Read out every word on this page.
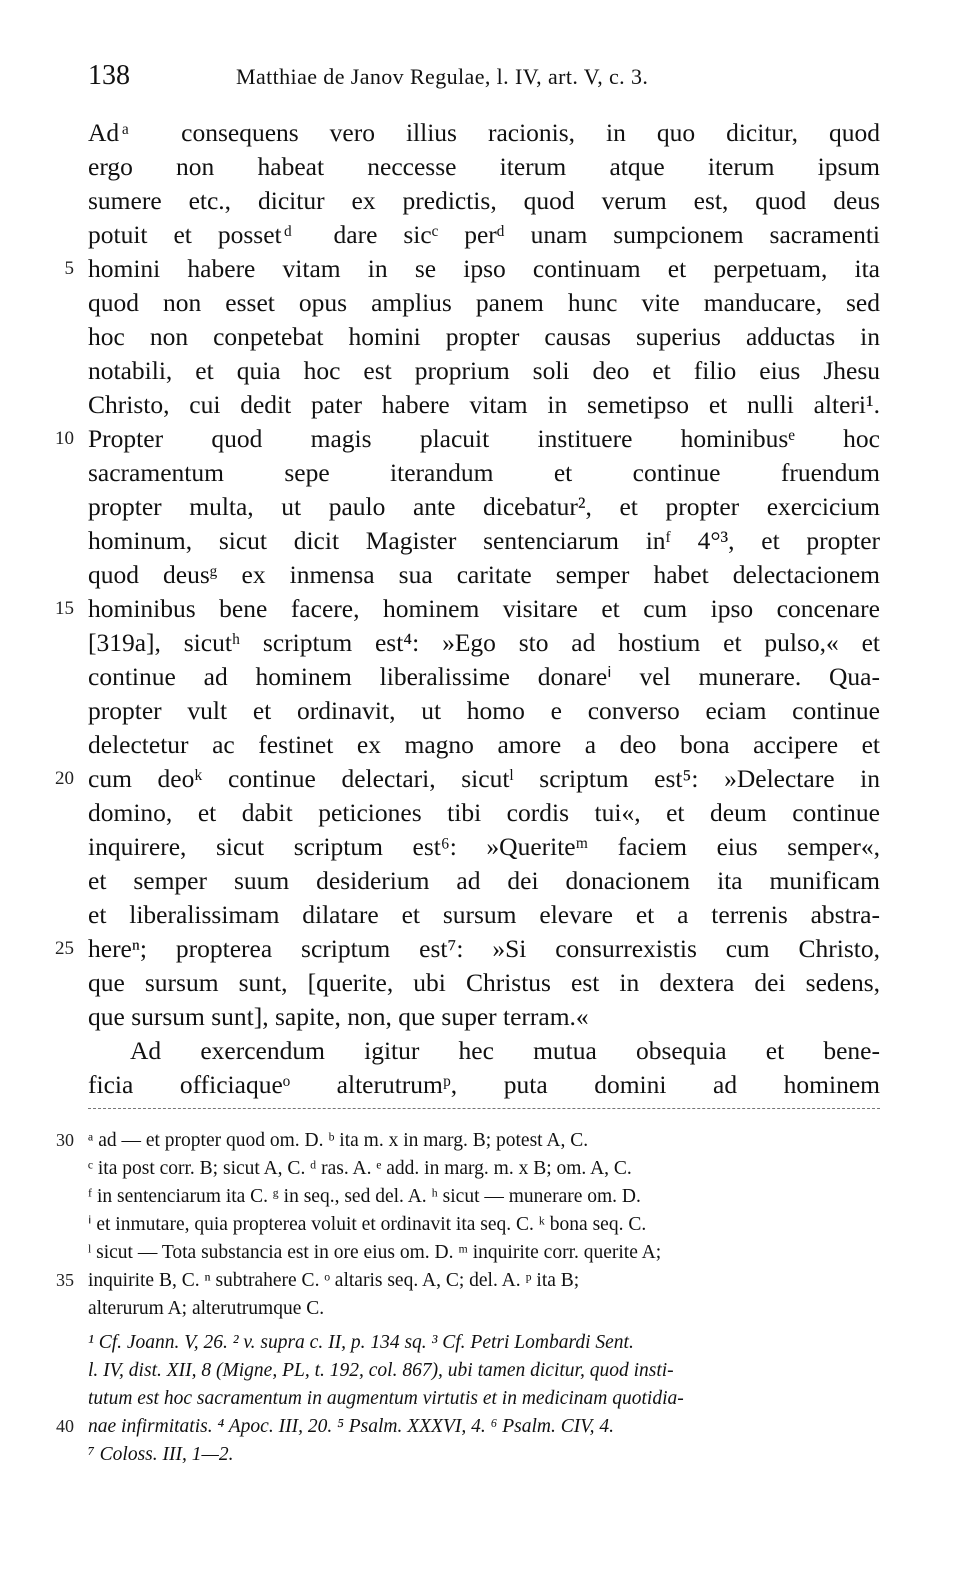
138	Matthiae de Janov Regulae, l. IV, art. V, c. 3.
Ad ͣ consequens vero illius racionis, in quo dicitur, quod
ergo non habeat neccesse iterum atque iterum ipsum
sumere etc., dicitur ex predictis, quod verum est, quod deus
potuit et posset ͩ dare sicᶜ perᵈ unam sumpcionem sacramenti
homini habere vitam in se ipso continuam et perpetuam, ita
quod non esset opus amplius panem hunc vite manducare, sed
hoc non conpetebat homini propter causas superius adductas in
notabili, et quia hoc est proprium soli deo et filio eius Jhesu
Christo, cui dedit pater habere vitam in semetipso et nulli alteri¹.
Propter quod magis placuit instituere hominibusᵉ hoc
sacramentum sepe iterandum et continue fruendum
propter multa, ut paulo ante dicebatur², et propter exercicium
hominum, sicut dicit Magister sentenciarum inᶠ 4°³, et propter
quod deusᵍ ex inmensa sua caritate semper habet delectacionem
hominibus bene facere, hominem visitare et cum ipso concenare
[319a], sicutʰ scriptum est⁴: »Ego sto ad hostium et pulso,« et
continue ad hominem liberalissime donareⁱ vel munerare. Qua-
propter vult et ordinavit, ut homo e converso eciam continue
delectetur ac festinet ex magno amore a deo bona accipere et
cum deoᵏ continue delectari, sicutˡ scriptum est⁵: »Delectare in
domino, et dabit peticiones tibi cordis tui«, et deum continue
inquirere, sicut scriptum est⁶: »Queriteᵐ faciem eius semper«,
et semper suum desiderium ad dei donacionem ita munificam
et liberalissimam dilatare et sursum elevare et a terrenis abstra-
hereⁿ; propterea scriptum est⁷: »Si consurrexistis cum Christo,
que sursum sunt, [querite, ubi Christus est in dextera dei sedens,
que sursum sunt], sapite, non, que super terram.«
Ad exercendum igitur hec mutua obsequia et bene-
ficia officiaqueᵒ alterutrumᵖ, puta domini ad hominem
5
10
15
20
25
ᵃ ad — et propter quod om. D. ᵇ ita m. x in marg. B; potest A, C.
ᶜ ita post corr. B; sicut A, C. ᵈ ras. A. ᵉ add. in marg. m. x B; om. A, C.
ᶠ in sentenciarum ita C. ᵍ in seq., sed del. A. ʰ sicut — munerare om. D.
ⁱ et inmutare, quia propterea voluit et ordinavit ita seq. C. ᵏ bona seq. C.
ˡ sicut — Tota substancia est in ore eius om. D. ᵐ inquirite corr. querite A;
inquirite B, C. ⁿ subtrahere C. ᵒ altaris seq. A, C; del. A. ᵖ ita B;
alterurum A; alterutrumque C.
¹ Cf. Joann. V, 26. ² v. supra c. II, p. 134 sq. ³ Cf. Petri Lombardi Sent.
l. IV, dist. XII, 8 (Migne, PL, t. 192, col. 867), ubi tamen dicitur, quod insti-
tutum est hoc sacramentum in augmentum virtutis et in medicinam quotidia-
nae infirmitatis. ⁴ Apoc. III, 20. ⁵ Psalm. XXXVI, 4. ⁶ Psalm. CIV, 4.
⁷ Coloss. III, 1—2.
30
35
40
